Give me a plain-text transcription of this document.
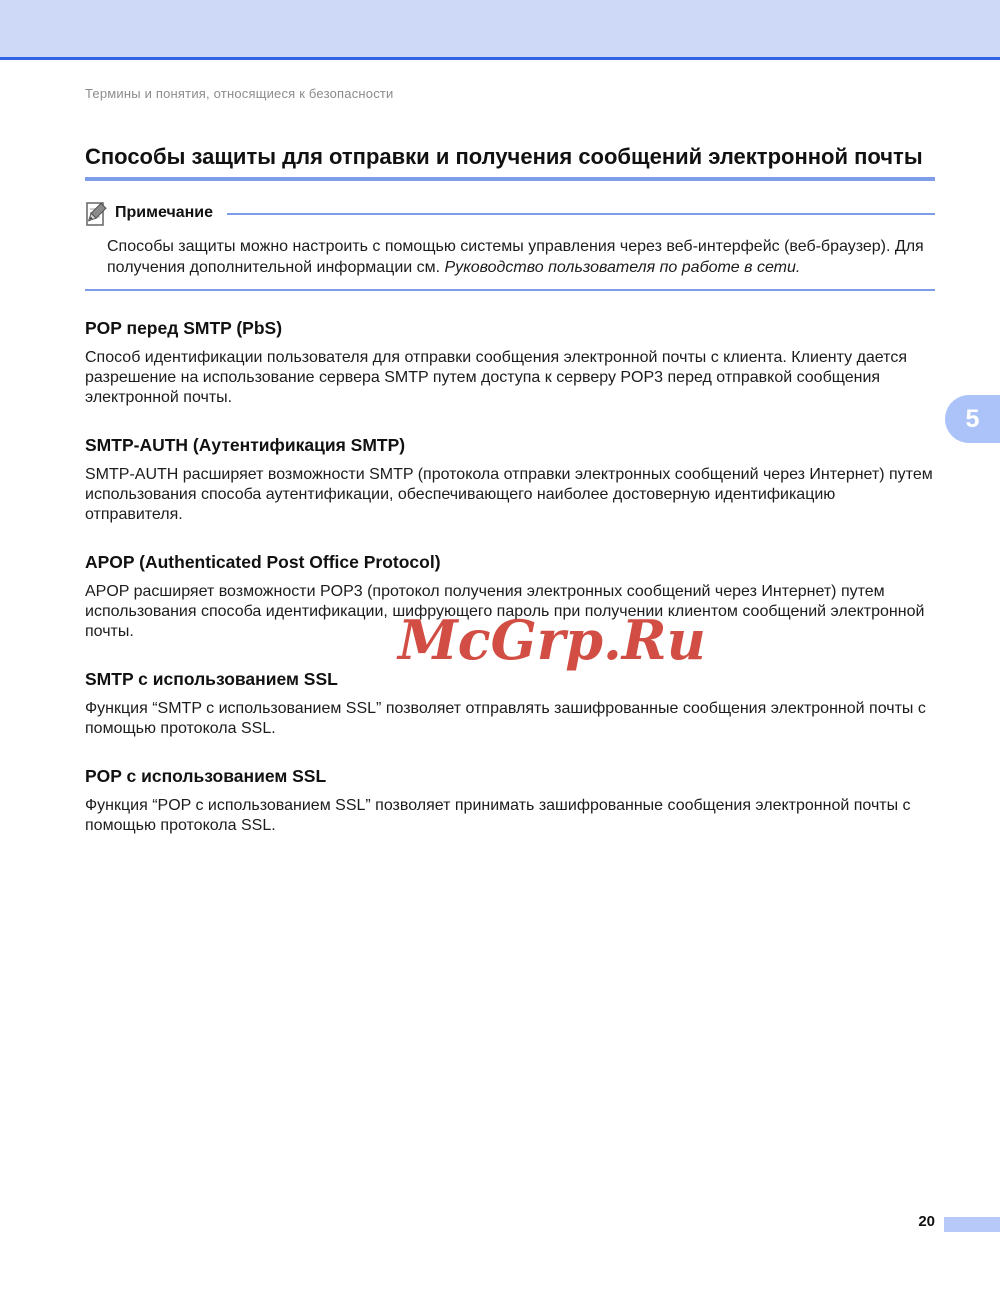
Термины и понятия, относящиеся к безопасности
Способы защиты для отправки и получения сообщений электронной почты
Примечание

Способы защиты можно настроить с помощью системы управления через веб-интерфейс (веб-браузер). Для получения дополнительной информации см. Руководство пользователя по работе в сети.

POP перед SMTP (PbS)

Способ идентификации пользователя для отправки сообщения электронной почты с клиента. Клиенту дается разрешение на использование сервера SMTP путем доступа к серверу POP3 перед отправкой сообщения электронной почты.

SMTP-AUTH (Аутентификация SMTP)

SMTP-AUTH расширяет возможности SMTP (протокола отправки электронных сообщений через Интернет) путем использования способа аутентификации, обеспечивающего наиболее достоверную идентификацию отправителя.

APOP (Authenticated Post Office Protocol)

APOP расширяет возможности POP3 (протокол получения электронных сообщений через Интернет) путем использования способа идентификации, шифрующего пароль при получении клиентом сообщений электронной почты.

SMTP с использованием SSL

Функция “SMTP с использованием SSL” позволяет отправлять зашифрованные сообщения электронной почты с помощью протокола SSL.

POP с использованием SSL

Функция “POP с использованием SSL” позволяет принимать зашифрованные сообщения электронной почты с помощью протокола SSL.

5
McGrp.Ru
20
